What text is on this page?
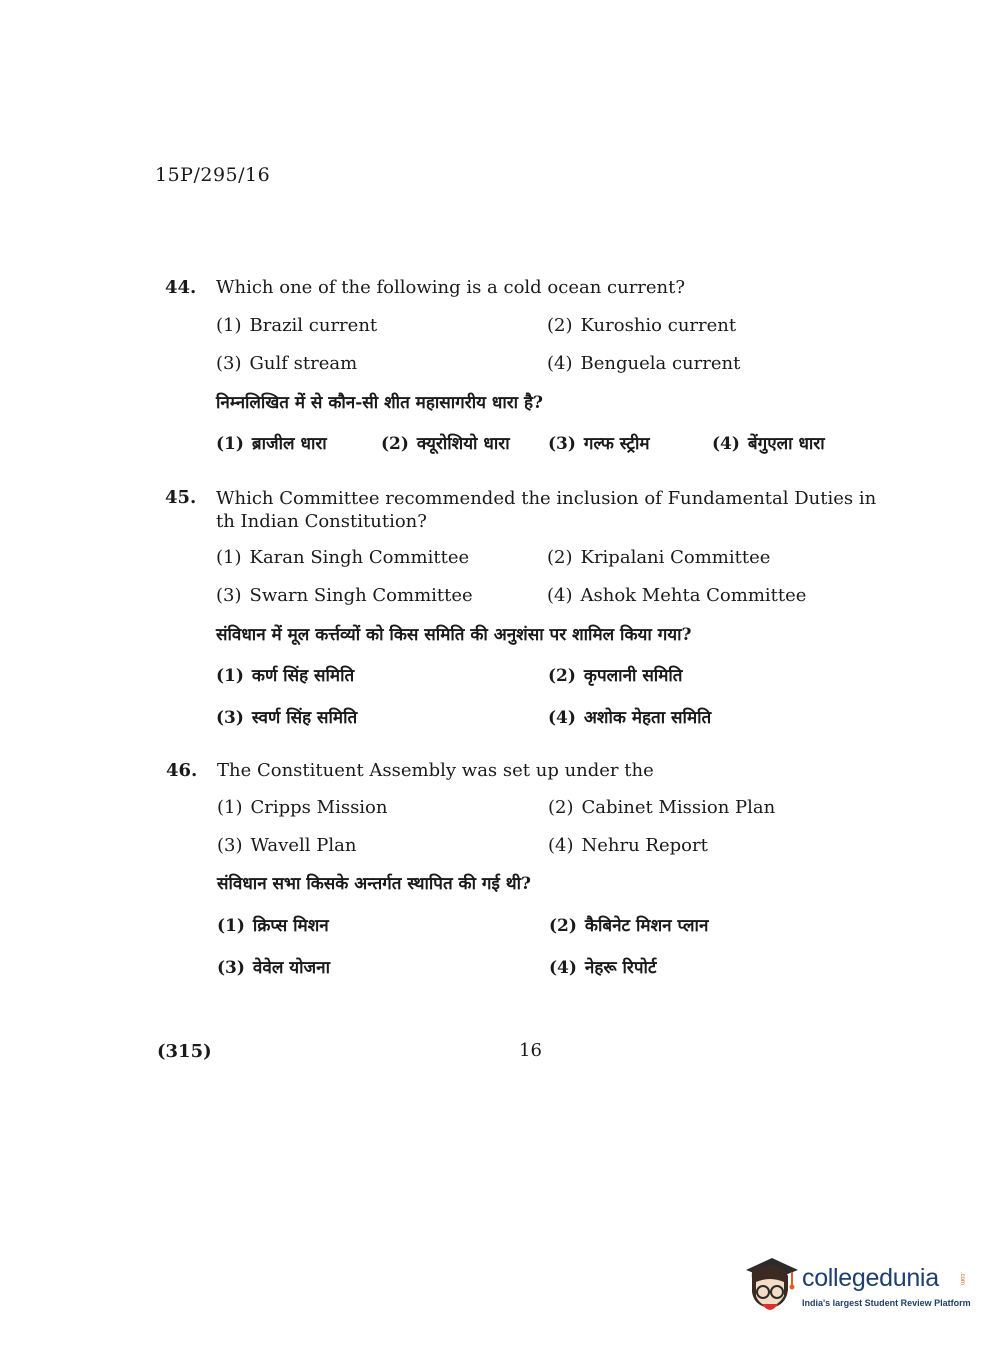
15P/295/16
44. Which one of the following is a cold ocean current?
(1) Brazil current	(2) Kuroshio current
(3) Gulf stream	(4) Benguela current
निम्नलिखित में से कौन-सी शीत महासागरीय धारा है?
(1) ब्राजील धारा	(2) क्यूरोशियो धारा (3) गल्फ स्ट्रीम	(4) बेंगुएला धारा
45. Which Committee recommended the inclusion of Fundamental Duties in th Indian Constitution?
(1) Karan Singh Committee	(2) Kripalani Committee
(3) Swarn Singh Committee	(4) Ashok Mehta Committee
संविधान में मूल कर्त्तव्यों को किस समिति की अनुशंसा पर शामिल किया गया?
(1) कर्ण सिंह समिति	(2) कृपलानी समिति
(3) स्वर्ण सिंह समिति	(4) अशोक मेहता समिति
46. The Constituent Assembly was set up under the
(1) Cripps Mission	(2) Cabinet Mission Plan
(3) Wavell Plan	(4) Nehru Report
संविधान सभा किसके अन्तर्गत स्थापित की गई थी?
(1) क्रिप्स मिशन	(2) कैबिनेट मिशन प्लान
(3) वेवेल योजना	(4) नेहरू रिपोर्ट
(315)	16
collegedunia	.com
India's largest Student Review Platform
